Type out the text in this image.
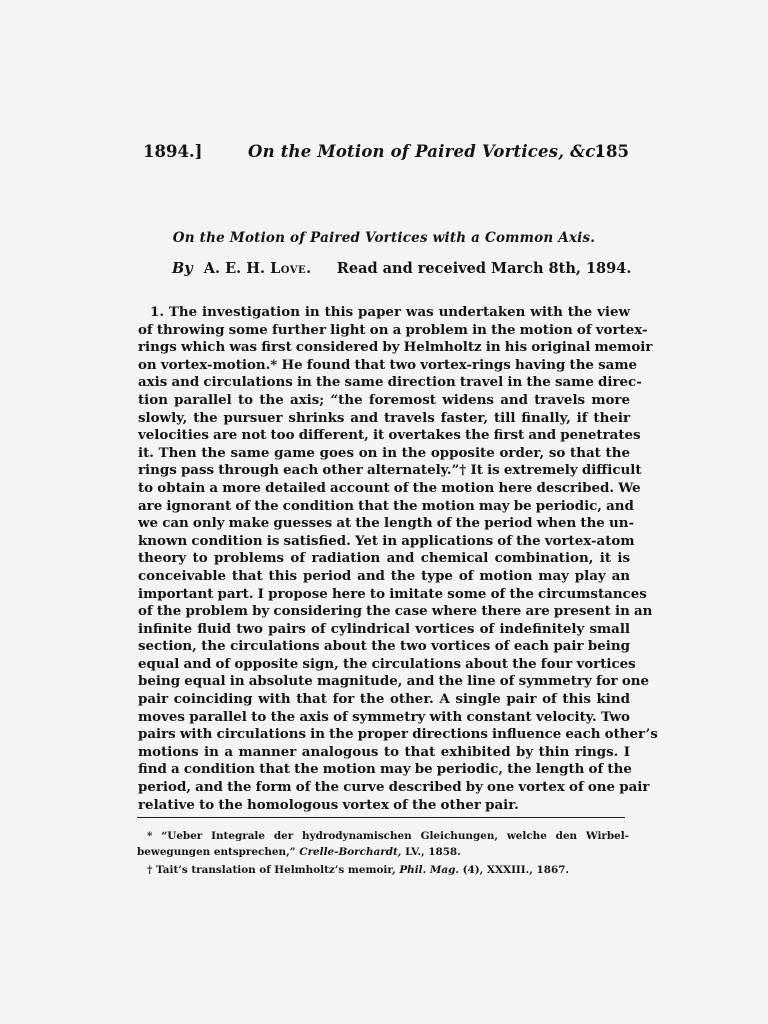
1894.]	On the Motion of Paired Vortices, &c.
185
On the Motion of Paired Vortices with a Common Axis.
By A. E. H. Love. Read and received March 8th, 1894.
1. The investigation in this paper was undertaken with the view
of throwing some further light on a problem in the motion of vortex-
rings which was first considered by Helmholtz in his original memoir
on vortex-motion.* He found that two vortex-rings having the same
axis and circulations in the same direction travel in the same direc-
tion parallel to the axis; “the foremost widens and travels more
slowly, the pursuer shrinks and travels faster, till finally, if their
velocities are not too different, it overtakes the first and penetrates
it. Then the same game goes on in the opposite order, so that the
rings pass through each other alternately.”† It is extremely difficult
to obtain a more detailed account of the motion here described. We
are ignorant of the condition that the motion may be periodic, and
we can only make guesses at the length of the period when the un-
known condition is satisfied. Yet in applications of the vortex-atom
theory to problems of radiation and chemical combination, it is
conceivable that this period and the type of motion may play an
important part. I propose here to imitate some of the circumstances
of the problem by considering the case where there are present in an
infinite fluid two pairs of cylindrical vortices of indefinitely small
section, the circulations about the two vortices of each pair being
equal and of opposite sign, the circulations about the four vortices
being equal in absolute magnitude, and the line of symmetry for one
pair coinciding with that for the other. A single pair of this kind
moves parallel to the axis of symmetry with constant velocity. Two
pairs with circulations in the proper directions influence each other’s
motions in a manner analogous to that exhibited by thin rings. I
find a condition that the motion may be periodic, the length of the
period, and the form of the curve described by one vortex of one pair
relative to the homologous vortex of the other pair.
* “Ueber Integrale der hydrodynamischen Gleichungen, welche den Wirbel-
bewegungen entsprechen,” Crelle-Borchardt, LV., 1858.
† Tait’s translation of Helmholtz’s memoir, Phil. Mag. (4), XXXIII., 1867.
